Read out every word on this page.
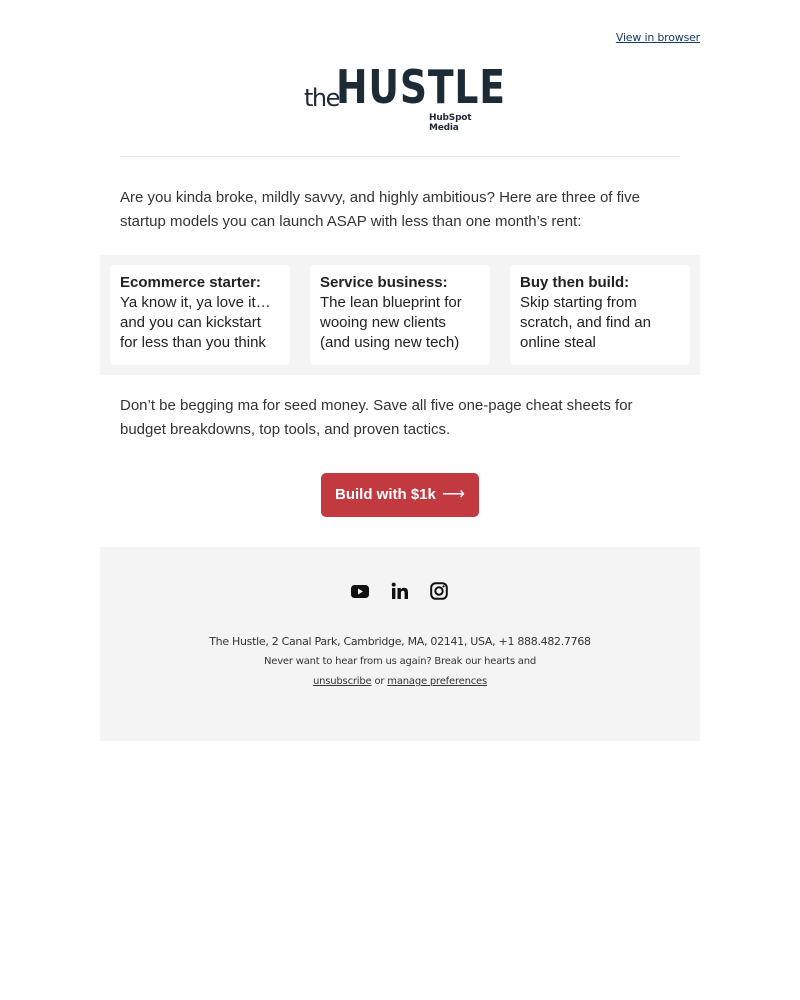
View in browser
the
HUSTLE
HubSpot Media
Are you kinda broke, mildly savvy, and highly ambitious? Here are three of five startup models you can launch ASAP with less than one month’s rent:
Ecommerce starter:
Ya know it, ya love it… and you can kickstart for less than you think
Service business:
The lean blueprint for wooing new clients (and using new tech)
Buy then build:
Skip starting from scratch, and find an online steal
Don’t be begging ma for seed money. Save all five one-page cheat sheets for budget breakdowns, top tools, and proven tactics.
Build with $1k ⟶
The Hustle, 2 Canal Park, Cambridge, MA, 02141, USA, +1 888.482.7768
Never want to hear from us again? Break our hearts and
unsubscribe or manage preferences
